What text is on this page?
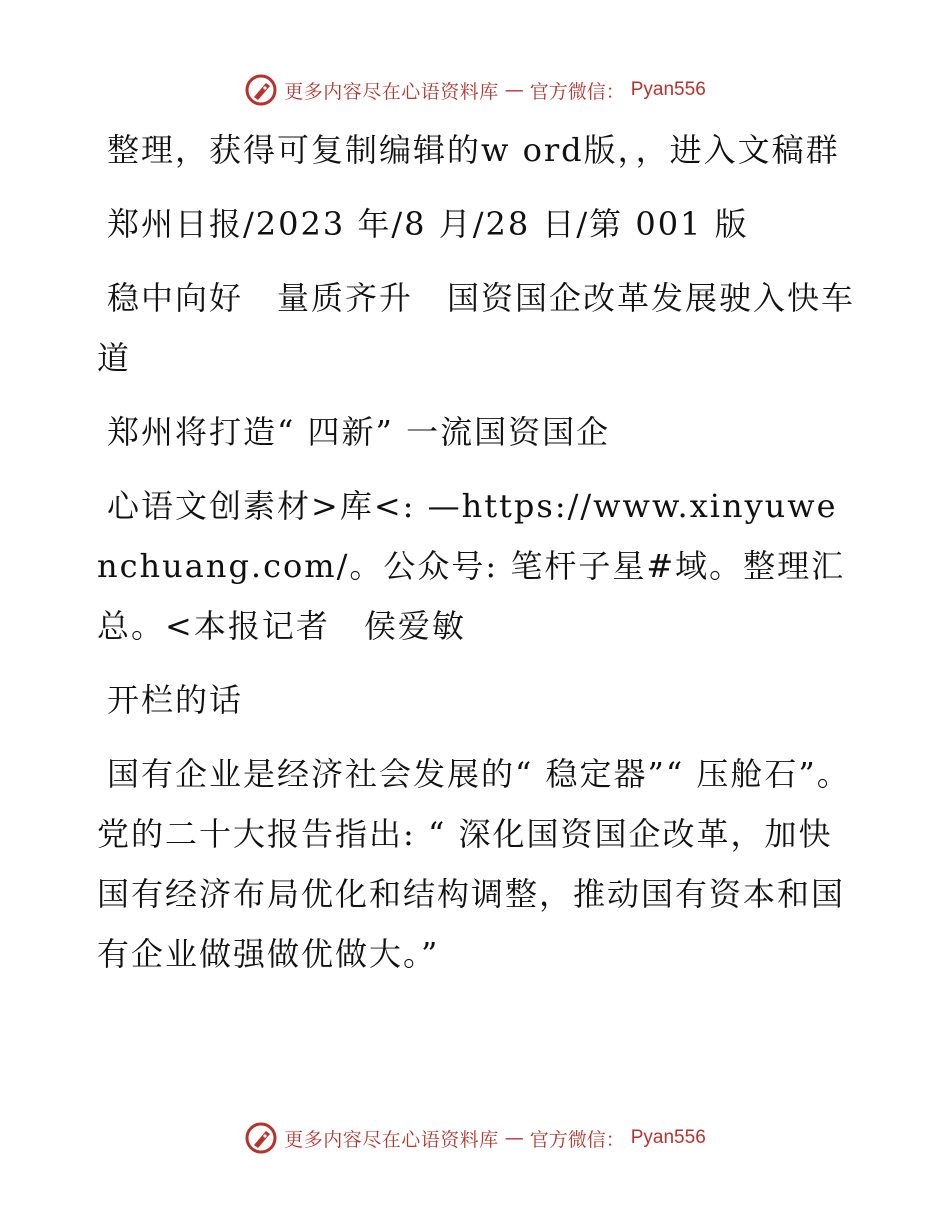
更多内容尽在心语资料库 — 官方微信： Pyan556

整理，获得可复制编辑的w ord版，，进入文稿群

郑州日报/2023 年/8 月/28 日/第 001 版

稳中向好　量质齐升　国资国企改革发展驶入快车道

郑州将打造“ 四新” 一流国资国企

心语文创素材>库<: —https://www.xinyuwenchuang.com/。公众号: 笔杆子星#域。整理汇总。<本报记者　侯爱敏

开栏的话

国有企业是经济社会发展的“ 稳定器”“ 压舱石”。党的二十大报告指出: “ 深化国资国企改革，加快国有经济布局优化和结构调整，推动国有资本和国有企业做强做优做大。”

更多内容尽在心语资料库 — 官方微信： Pyan556
